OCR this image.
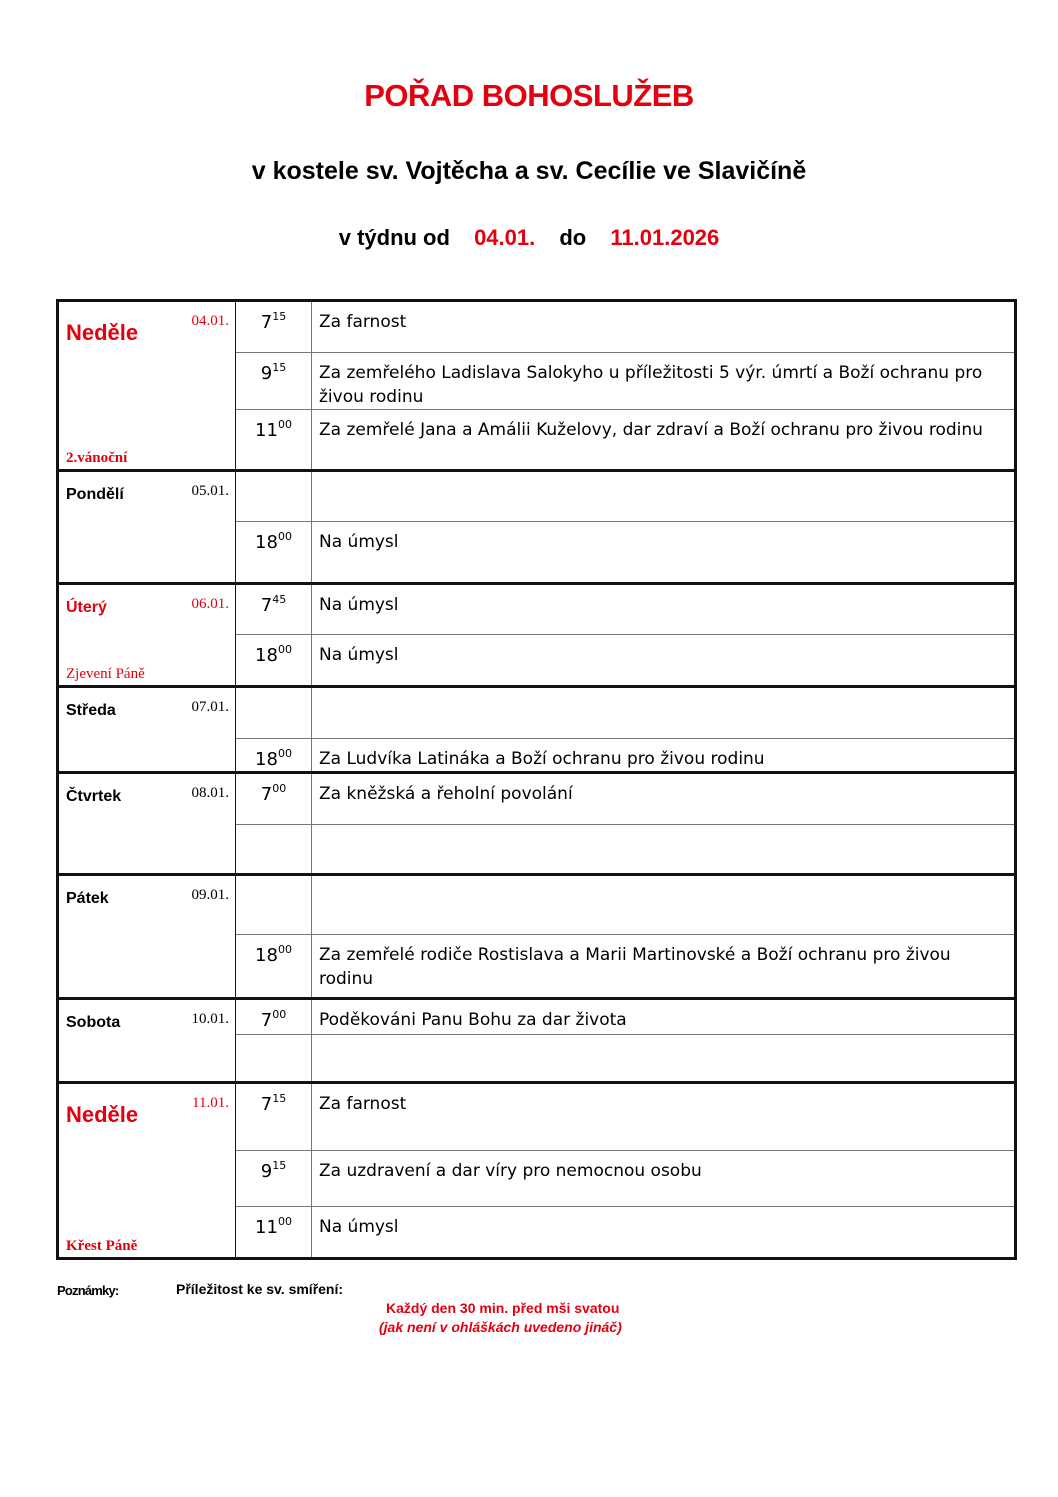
POŘAD BOHOSLUŽEB
v kostele sv. Vojtěcha a sv. Cecílie ve Slavičíně
v týdnu od 04.01. do 11.01.2026
Neděle 04.01.
2.vánoční	$7^{15}$	Za farnost
	$9^{15}$	Za zemřelého Ladislava Salokyho u příležitosti 5 výr. úmrtí a Boží ochranu pro živou rodinu
	$11^{00}$	Za zemřelé Jana a Amálii Kuželovy, dar zdraví a Boží ochranu pro živou rodinu

Pondělí 05.01.		

	$18^{00}$	Na úmysl

Úterý 06.01.
Zjevení Páně	$7^{45}$	Na úmysl
	$18^{00}$	Na úmysl

Středa 07.01.		

	$18^{00}$	Za Ludvíka Latináka a Boží ochranu pro živou rodinu

Čtvrtek 08.01.	$7^{00}$	Za kněžská a řeholní povolání

Pátek 09.01.		

	$18^{00}$	Za zemřelé rodiče Rostislava a Marii Martinovské a Boží ochranu pro živou rodinu

Sobota 10.01.	$7^{00}$	Poděkováni Panu Bohu za dar života

Neděle 11.01.
Křest Páně	$7^{15}$	Za farnost
	$9^{15}$	Za uzdravení a dar víry pro nemocnou osobu
	$11^{00}$	Na úmysl
Poznámky:	Příležitost ke sv. smíření:
Každý den 30 min. před mši svatou
(jak není v ohláškách uvedeno jináč)
